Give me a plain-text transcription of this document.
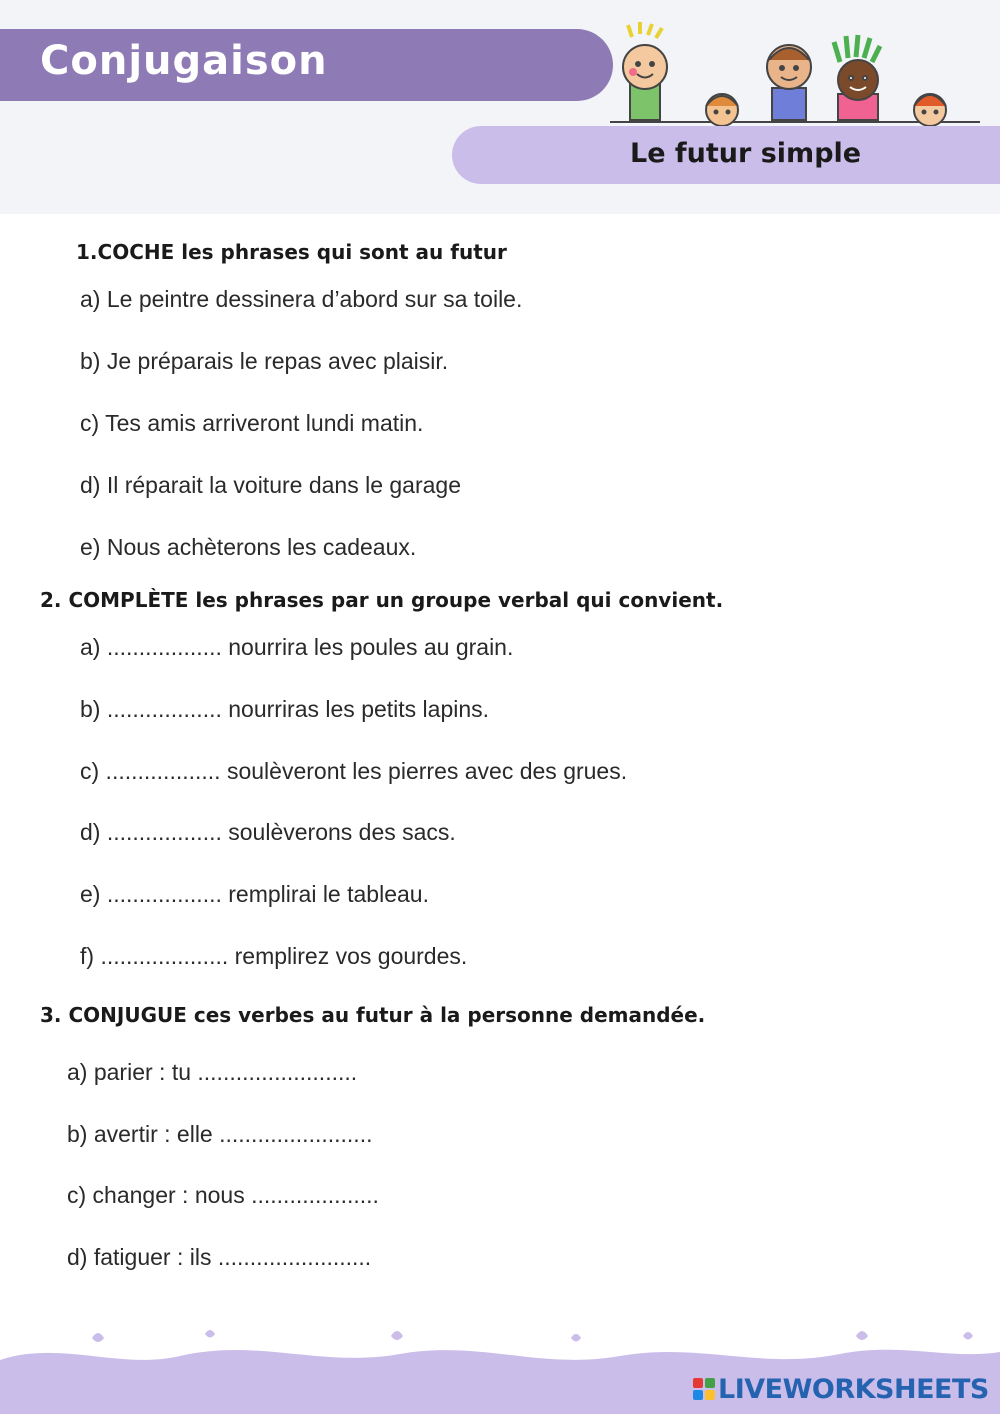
Conjugaison
Le futur simple
1.COCHE les phrases qui sont au futur
a) Le peintre dessinera d’abord sur sa toile.
b) Je préparais le repas avec plaisir.
c) Tes amis arriveront lundi matin.
d) Il réparait la voiture dans le garage
e) Nous achèterons les cadeaux.
2. COMPLÈTE les phrases par un groupe verbal qui convient.
a) .................. nourrira les poules au grain.
b) .................. nourriras les petits lapins.
c) .................. soulèveront les pierres avec des grues.
d) .................. soulèverons des sacs.
e) .................. remplirai le tableau.
f) .................... remplirez vos gourdes.
3. CONJUGUE ces verbes au futur à la personne demandée.
a) parier : tu .........................
b) avertir : elle ........................
c) changer : nous ....................
d) fatiguer : ils ........................
LIVEWORKSHEETS
